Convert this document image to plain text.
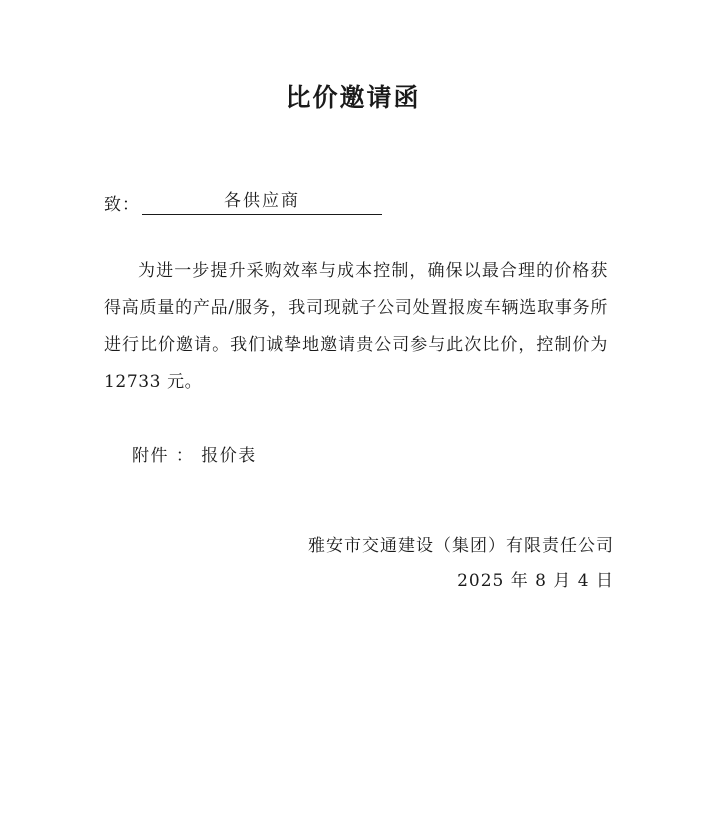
比价邀请函
致：	各供应商

为进一步提升采购效率与成本控制，确保以最合理的价格获得高质量的产品/服务，我司现就子公司处置报废车辆选取事务所进行比价邀请。我们诚挚地邀请贵公司参与此次比价，控制价为 12733 元。

附件 ： 报价表
雅安市交通建设（集团）有限责任公司
2025 年 8 月 4 日
